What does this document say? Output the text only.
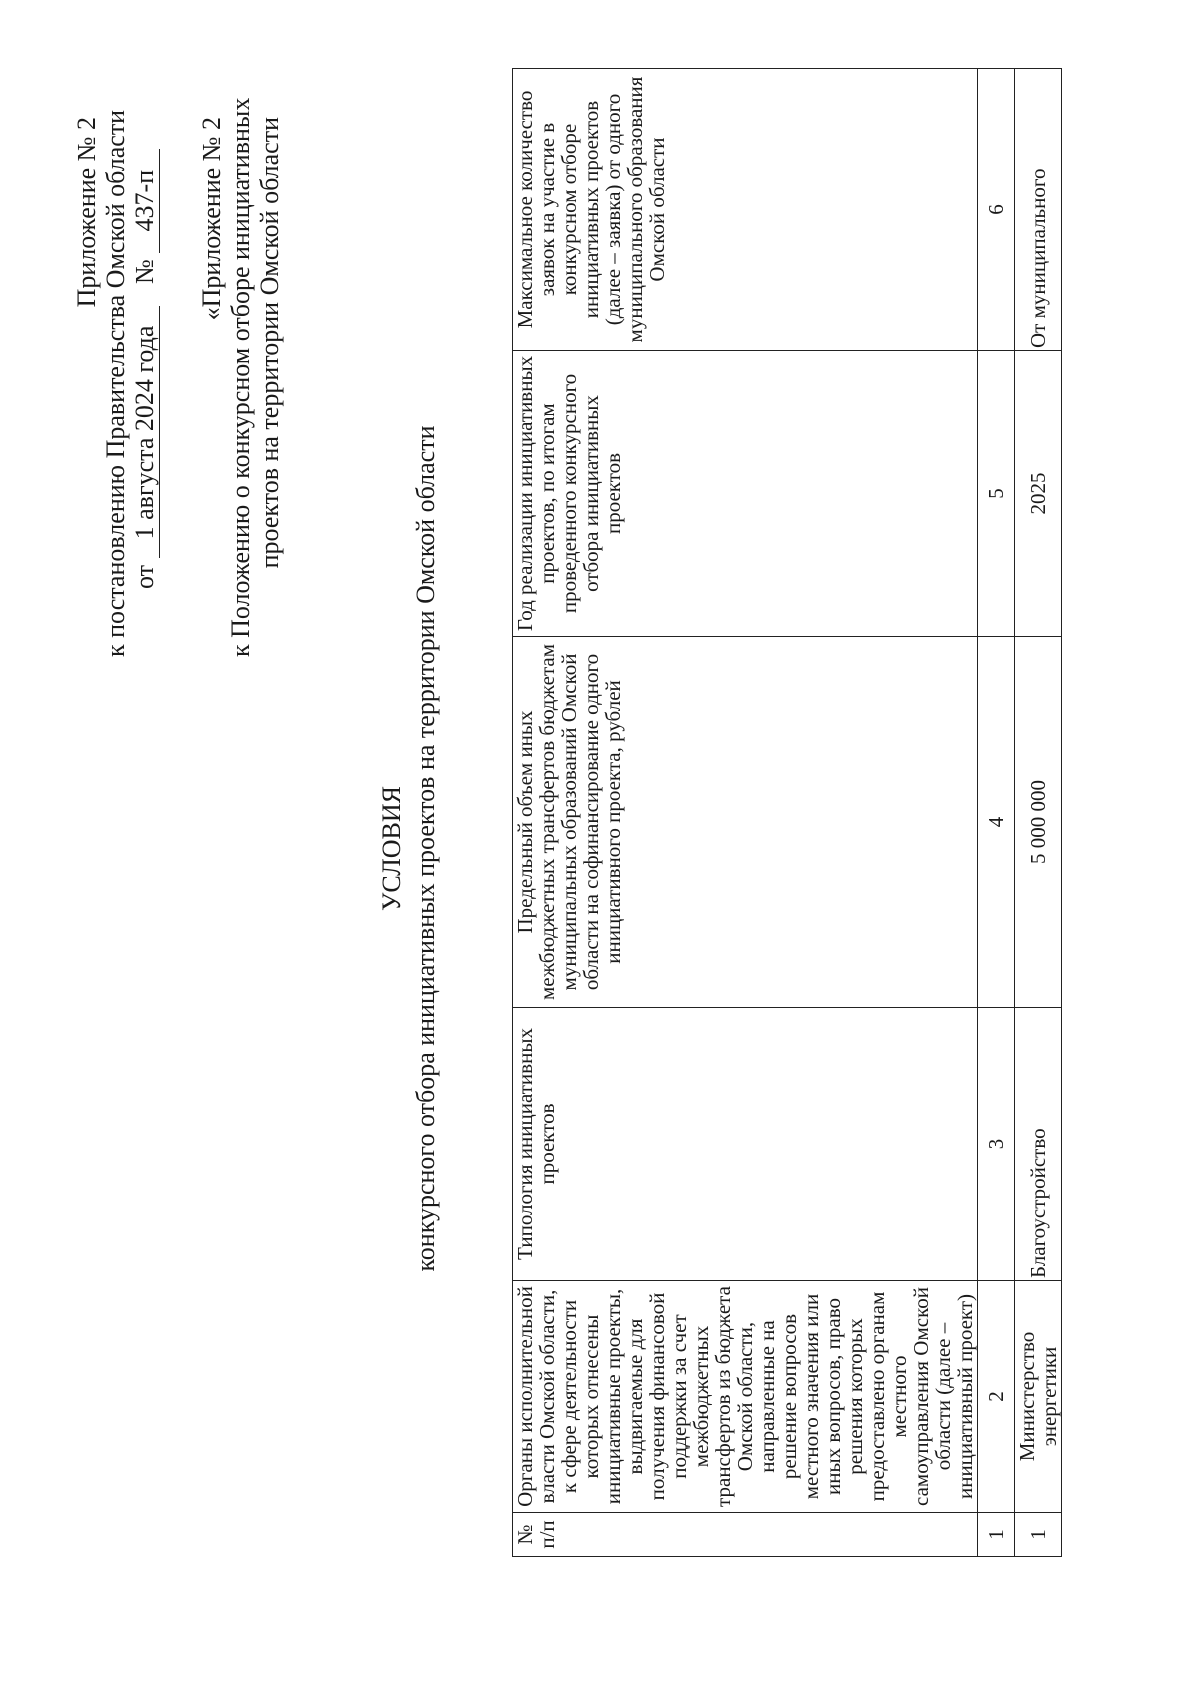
Приложение № 2 к постановлению Правительства Омской области от 1 августа 2024 года № 437-п «Приложение № 2 к Положению о конкурсном отборе инициативных проектов на территории Омской области
УСЛОВИЯ конкурсного отбора инициативных проектов на территории Омской области
№ п/п	Органы исполнительной власти Омской области, к сфере деятельности которых отнесены инициативные проекты, выдвигаемые для получения финансовой поддержки за счет межбюджетных трансфертов из бюджета Омской области, направленные на решение вопросов местного значения или иных вопросов, право решения которых предоставлено органам местного самоуправления Омской области (далее – инициативный проект)	Типология инициативных проектов	Предельный объем иных межбюджетных трансфертов бюджетам муниципальных образований Омской области на софинансирование одного инициативного проекта, рублей	Год реализации инициативных проектов, по итогам проведенного конкурсного отбора инициативных проектов	Максимальное количество заявок на участие в конкурсном отборе инициативных проектов (далее – заявка) от одного муниципального образования Омской области
1	2	3	4	5	6
1	Министерство энергетики	Благоустройство	5 000 000	2025	От муниципального
